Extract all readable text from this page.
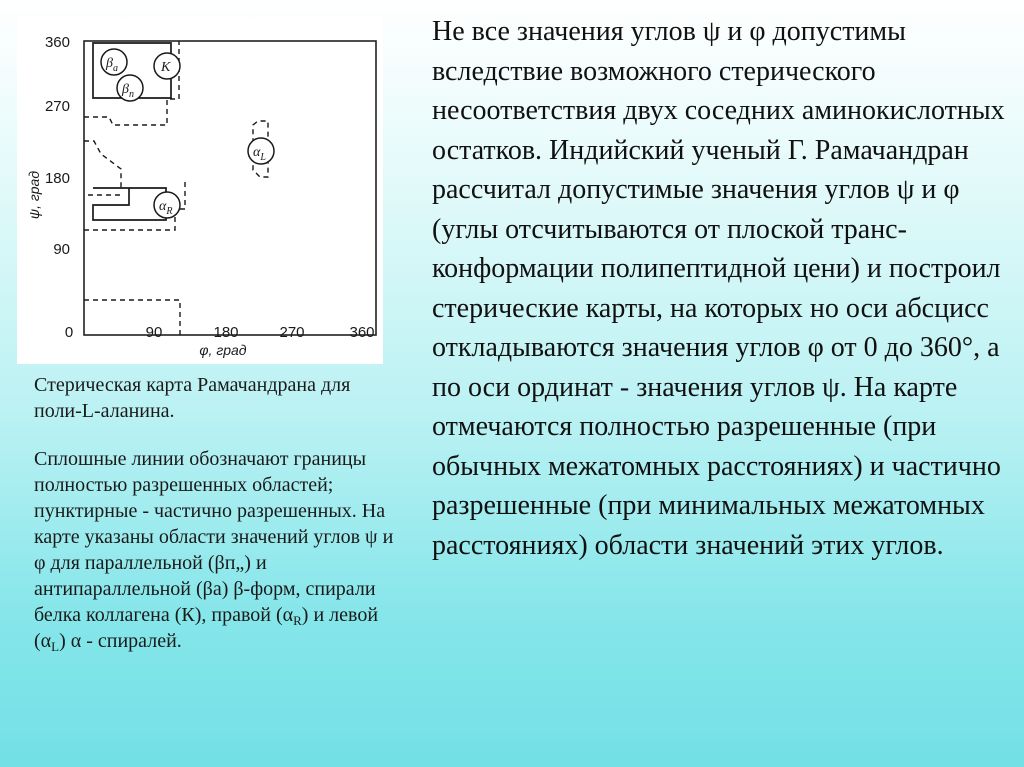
360
270
180
90
0	90	180	270	360
φ, град
ψ, град
$\beta_a$
$\beta_п$
K
$\alpha_L$
$\alpha_R$
Стерическая карта Рамачандрана для поли-L-аланина.
Сплошные линии обозначают границы полностью разрешенных областей; пунктирные - частично разрешенных. На карте указаны области значений углов ψ и φ для параллельной (βп„) и антипараллельной (βa) β-форм, спирали белка коллагена (К), правой $(\alpha_R)$ и левой $(\alpha_L)$ α - спиралей.
Не все значения углов ψ и φ допустимы вследствие возможного стерического несоответствия двух соседних аминокислотных остатков. Индийский ученый Г. Рамачандран рассчитал допустимые значения углов ψ и φ (углы отсчитываются от плоской транс-конформации полипептидной цени) и построил стерические карты, на которых но оси абсцисс откладываются значения углов φ от 0 до 360°, а по оси ординат - значения углов ψ. На карте отмечаются полностью разрешенные (при обычных межатомных расстояниях) и частично разрешенные (при минимальных межатомных расстояниях) области значений этих углов.
